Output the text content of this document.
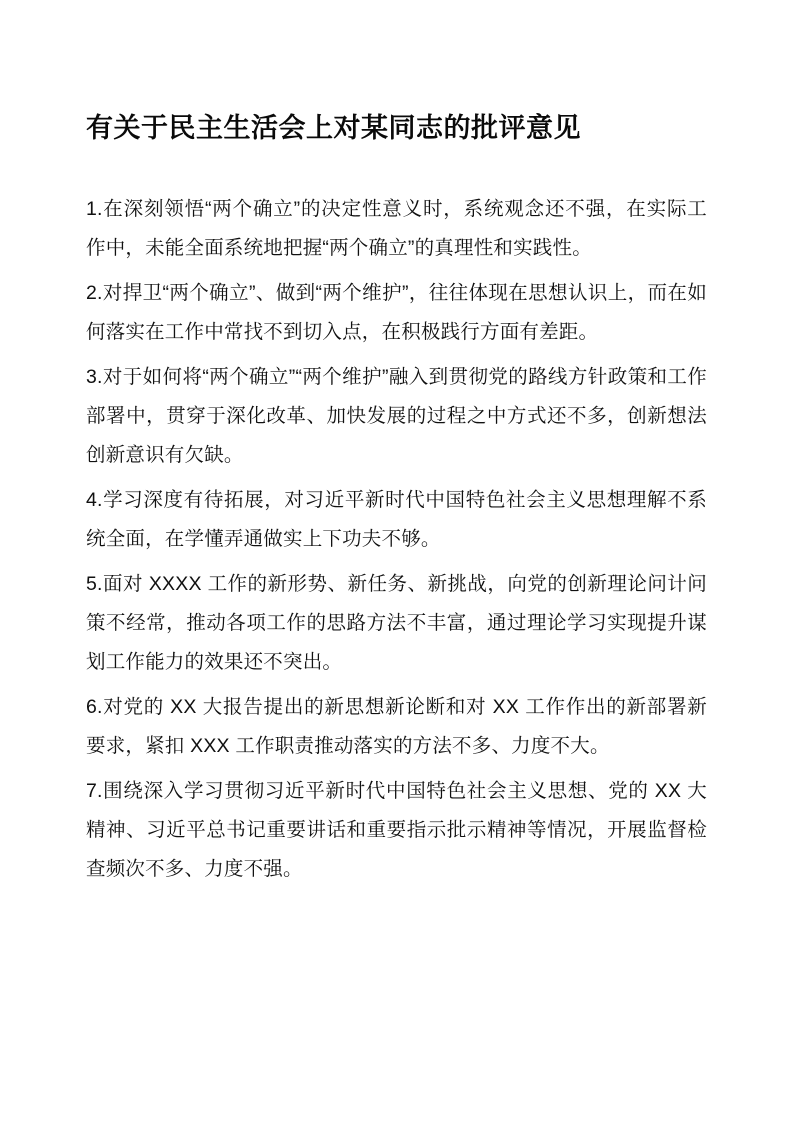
有关于民主生活会上对某同志的批评意见

1.在深刻领悟“两个确立”的决定性意义时，系统观念还不强，在实际工作中，未能全面系统地把握“两个确立”的真理性和实践性。

2.对捍卫“两个确立”、做到“两个维护”，往往体现在思想认识上，而在如何落实在工作中常找不到切入点，在积极践行方面有差距。

3.对于如何将“两个确立”“两个维护”融入到贯彻党的路线方针政策和工作部署中，贯穿于深化改革、加快发展的过程之中方式还不多，创新想法创新意识有欠缺。

4.学习深度有待拓展，对习近平新时代中国特色社会主义思想理解不系统全面，在学懂弄通做实上下功夫不够。

5.面对 XXXX 工作的新形势、新任务、新挑战，向党的创新理论问计问策不经常，推动各项工作的思路方法不丰富，通过理论学习实现提升谋划工作能力的效果还不突出。

6.对党的 XX 大报告提出的新思想新论断和对 XX 工作作出的新部署新要求，紧扣 XXX 工作职责推动落实的方法不多、力度不大。

7.围绕深入学习贯彻习近平新时代中国特色社会主义思想、党的 XX 大精神、习近平总书记重要讲话和重要指示批示精神等情况，开展监督检查频次不多、力度不强。
